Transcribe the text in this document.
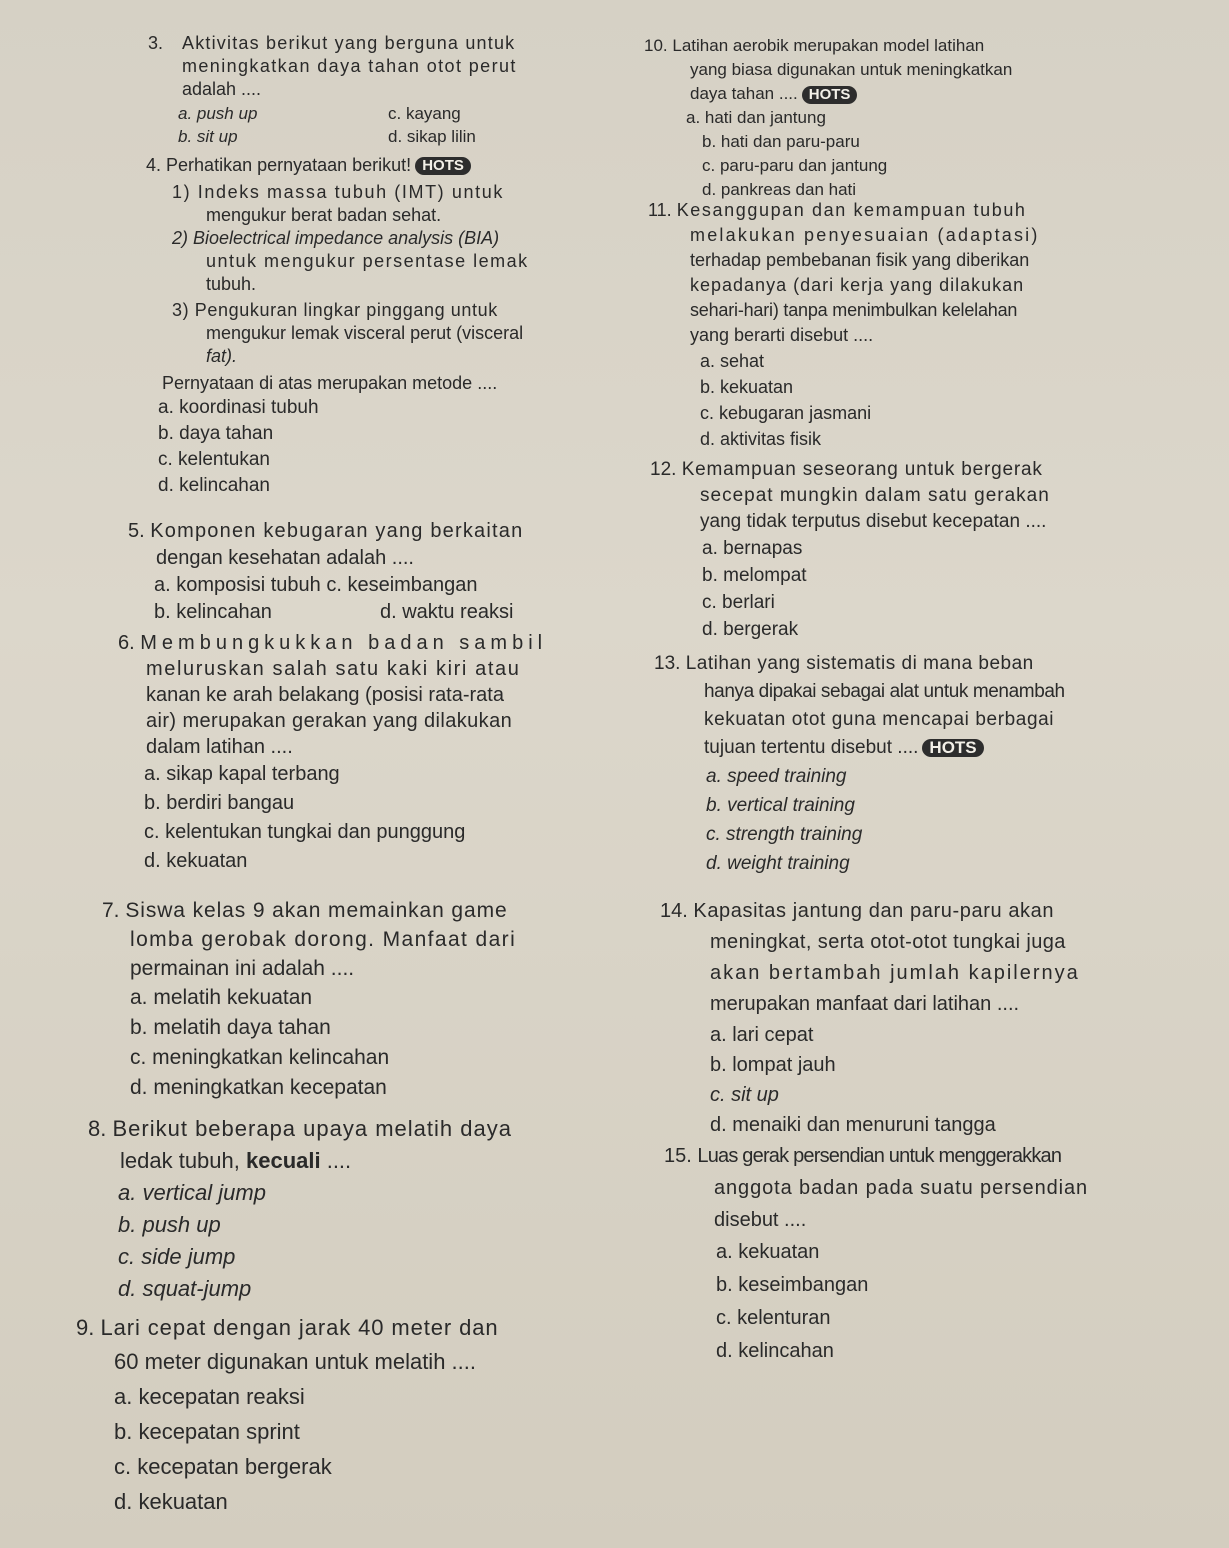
3. Aktivitas berikut yang berguna untuk
meningkatkan daya tahan otot perut
adalah ....
a. push up	c. kayang
b. sit up	d. sikap lilin
4. Perhatikan pernyataan berikut! HOTS
1) Indeks massa tubuh (IMT) untuk
mengukur berat badan sehat.
2) Bioelectrical impedance analysis (BIA)
untuk mengukur persentase lemak
tubuh.
3) Pengukuran lingkar pinggang untuk
mengukur lemak visceral perut (visceral
fat).
Pernyataan di atas merupakan metode ....
a. koordinasi tubuh
b. daya tahan
c. kelentukan
d. kelincahan
5. Komponen kebugaran yang berkaitan
dengan kesehatan adalah ....
a. komposisi tubuh c. keseimbangan
b. kelincahan	d. waktu reaksi
6. Membungkukkan badan sambil
meluruskan salah satu kaki kiri atau
kanan ke arah belakang (posisi rata-rata
air) merupakan gerakan yang dilakukan
dalam latihan ....
a. sikap kapal terbang
b. berdiri bangau
c. kelentukan tungkai dan punggung
d. kekuatan
7. Siswa kelas 9 akan memainkan game
lomba gerobak dorong. Manfaat dari
permainan ini adalah ....
a. melatih kekuatan
b. melatih daya tahan
c. meningkatkan kelincahan
d. meningkatkan kecepatan
8. Berikut beberapa upaya melatih daya
ledak tubuh, kecuali ....
a. vertical jump
b. push up
c. side jump
d. squat-jump
9. Lari cepat dengan jarak 40 meter dan
60 meter digunakan untuk melatih ....
a. kecepatan reaksi
b. kecepatan sprint
c. kecepatan bergerak
d. kekuatan
10. Latihan aerobik merupakan model latihan
yang biasa digunakan untuk meningkatkan
daya tahan .... HOTS
a. hati dan jantung
b. hati dan paru-paru
c. paru-paru dan jantung
d. pankreas dan hati
11. Kesanggupan dan kemampuan tubuh
melakukan penyesuaian (adaptasi)
terhadap pembebanan fisik yang diberikan
kepadanya (dari kerja yang dilakukan
sehari-hari) tanpa menimbulkan kelelahan
yang berarti disebut ....
a. sehat
b. kekuatan
c. kebugaran jasmani
d. aktivitas fisik
12. Kemampuan seseorang untuk bergerak
secepat mungkin dalam satu gerakan
yang tidak terputus disebut kecepatan ....
a. bernapas
b. melompat
c. berlari
d. bergerak
13. Latihan yang sistematis di mana beban
hanya dipakai sebagai alat untuk menambah
kekuatan otot guna mencapai berbagai
tujuan tertentu disebut .... HOTS
a. speed training
b. vertical training
c. strength training
d. weight training
14. Kapasitas jantung dan paru-paru akan
meningkat, serta otot-otot tungkai juga
akan bertambah jumlah kapilernya
merupakan manfaat dari latihan ....
a. lari cepat
b. lompat jauh
c. sit up
d. menaiki dan menuruni tangga
15. Luas gerak persendian untuk menggerakkan
anggota badan pada suatu persendian
disebut ....
a. kekuatan
b. keseimbangan
c. kelenturan
d. kelincahan
